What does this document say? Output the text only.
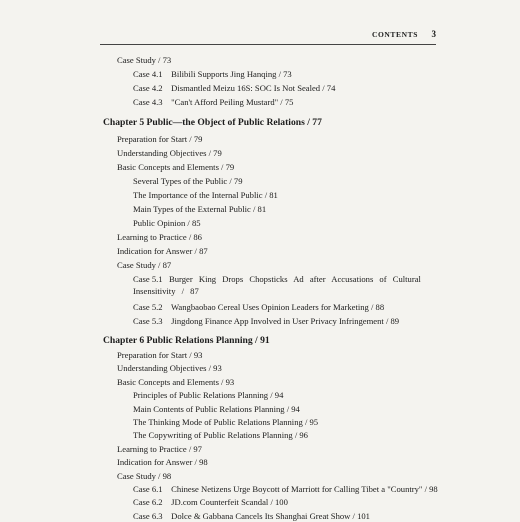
CONTENTS 3
Case Study / 73
Case 4.1 Bilibili Supports Jing Hanqing / 73
Case 4.2 Dismantled Meizu 16S: SOC Is Not Sealed / 74
Case 4.3 "Can't Afford Peiling Mustard" / 75
Chapter 5 Public—the Object of Public Relations / 77
Preparation for Start / 79
Understanding Objectives / 79
Basic Concepts and Elements / 79
Several Types of the Public / 79
The Importance of the Internal Public / 81
Main Types of the External Public / 81
Public Opinion / 85
Learning to Practice / 86
Indication for Answer / 87
Case Study / 87
Case 5.1 Burger King Drops Chopsticks Ad after Accusations of Cultural Insensitivity / 87
Case 5.2 Wangbaobao Cereal Uses Opinion Leaders for Marketing / 88
Case 5.3 Jingdong Finance App Involved in User Privacy Infringement / 89
Chapter 6 Public Relations Planning / 91
Preparation for Start / 93
Understanding Objectives / 93
Basic Concepts and Elements / 93
Principles of Public Relations Planning / 94
Main Contents of Public Relations Planning / 94
The Thinking Mode of Public Relations Planning / 95
The Copywriting of Public Relations Planning / 96
Learning to Practice / 97
Indication for Answer / 98
Case Study / 98
Case 6.1 Chinese Netizens Urge Boycott of Marriott for Calling Tibet a "Country" / 98
Case 6.2 JD.com Counterfeit Scandal / 100
Case 6.3 Dolce & Gabbana Cancels Its Shanghai Great Show / 101
